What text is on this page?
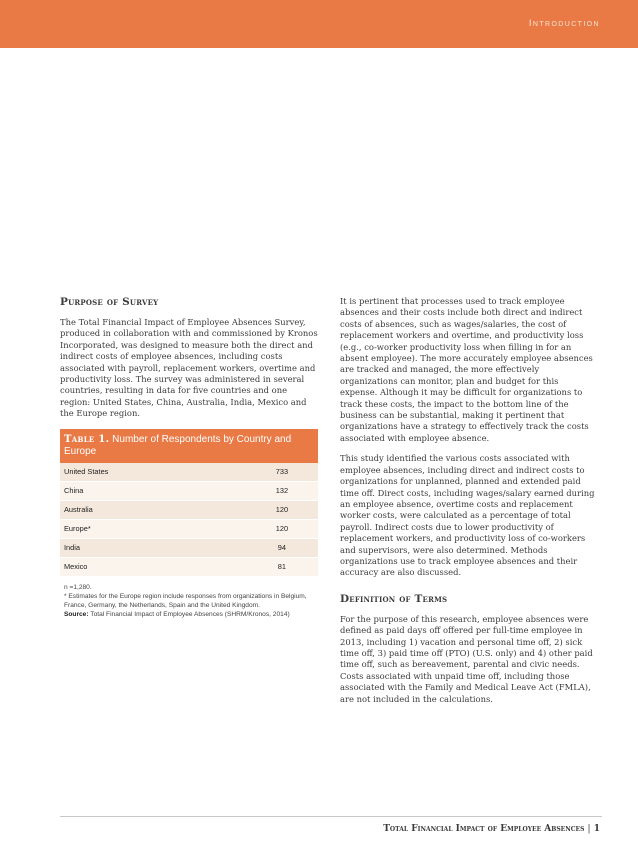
Introduction
Purpose of Survey

The Total Financial Impact of Employee Absences Survey, produced in collaboration with and commissioned by Kronos Incorporated, was designed to measure both the direct and indirect costs of employee absences, including costs associated with payroll, replacement workers, overtime and productivity loss. The survey was administered in several countries, resulting in data for five countries and one region: United States, China, Australia, India, Mexico and the Europe region.

Table 1. Number of Respondents by Country and Europe
United States	733
China	132
Australia	120
Europe*	120
India	94
Mexico	81
n =1,280.
* Estimates for the Europe region include responses from organizations in Belgium, France, Germany, the Netherlands, Spain and the United Kingdom.
Source: Total Financial Impact of Employee Absences (SHRM/Kronos, 2014)

It is pertinent that processes used to track employee absences and their costs include both direct and indirect costs of absences, such as wages/salaries, the cost of replacement workers and overtime, and productivity loss (e.g., co-worker productivity loss when filling in for an absent employee). The more accurately employee absences are tracked and managed, the more effectively organizations can monitor, plan and budget for this expense. Although it may be difficult for organizations to track these costs, the impact to the bottom line of the business can be substantial, making it pertinent that organizations have a strategy to effectively track the costs associated with employee absence.

This study identified the various costs associated with employee absences, including direct and indirect costs to organizations for unplanned, planned and extended paid time off. Direct costs, including wages/salary earned during an employee absence, overtime costs and replacement worker costs, were calculated as a percentage of total payroll. Indirect costs due to lower productivity of replacement workers, and productivity loss of co-workers and supervisors, were also determined. Methods organizations use to track employee absences and their accuracy are also discussed.

Definition of Terms

For the purpose of this research, employee absences were defined as paid days off offered per full-time employee in 2013, including 1) vacation and personal time off, 2) sick time off, 3) paid time off (PTO) (U.S. only) and 4) other paid time off, such as bereavement, parental and civic needs. Costs associated with unpaid time off, including those associated with the Family and Medical Leave Act (FMLA), are not included in the calculations.

Total Financial Impact of Employee Absences | 1
